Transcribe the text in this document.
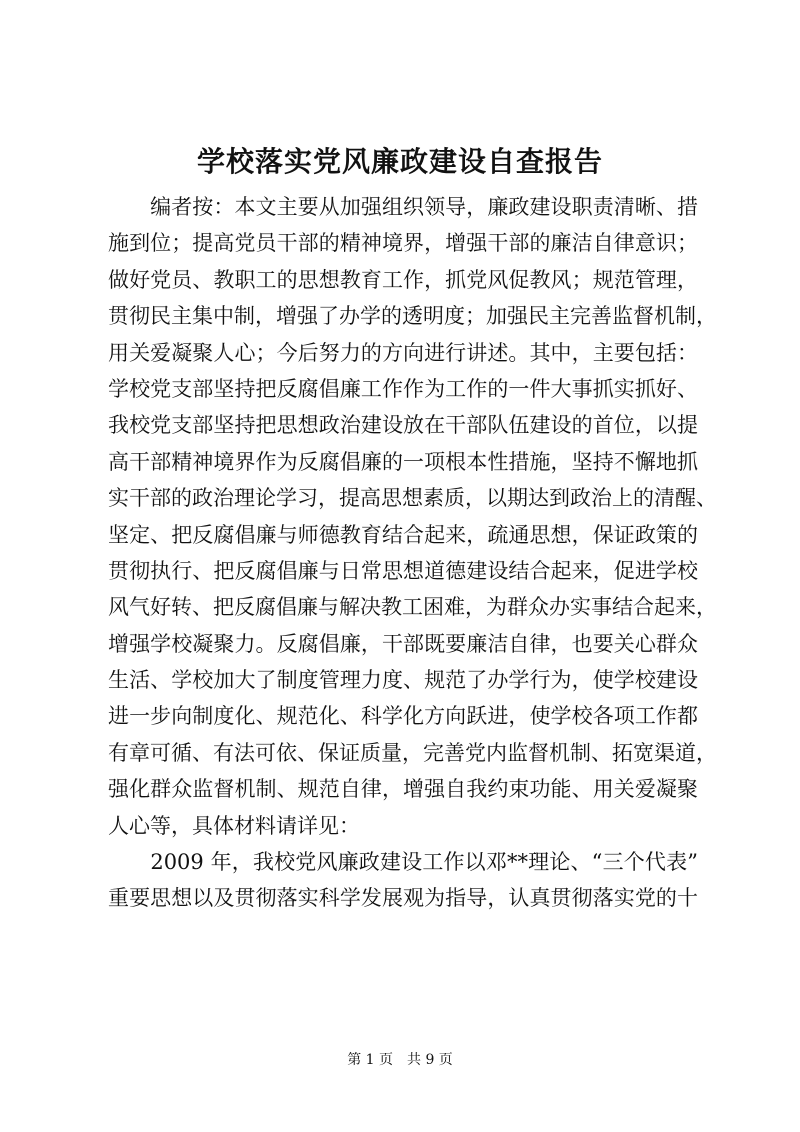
学校落实党风廉政建设自查报告
　　编者按：本文主要从加强组织领导，廉政建设职责清晰、措
施到位；提高党员干部的精神境界，增强干部的廉洁自律意识；
做好党员、教职工的思想教育工作，抓党风促教风；规范管理，
贯彻民主集中制，增强了办学的透明度；加强民主完善监督机制，
用关爱凝聚人心；今后努力的方向进行讲述。其中，主要包括：
学校党支部坚持把反腐倡廉工作作为工作的一件大事抓实抓好、
我校党支部坚持把思想政治建设放在干部队伍建设的首位，以提
高干部精神境界作为反腐倡廉的一项根本性措施，坚持不懈地抓
实干部的政治理论学习，提高思想素质，以期达到政治上的清醒、
坚定、把反腐倡廉与师德教育结合起来，疏通思想，保证政策的
贯彻执行、把反腐倡廉与日常思想道德建设结合起来，促进学校
风气好转、把反腐倡廉与解决教工困难，为群众办实事结合起来，
增强学校凝聚力。反腐倡廉，干部既要廉洁自律，也要关心群众
生活、学校加大了制度管理力度、规范了办学行为，使学校建设
进一步向制度化、规范化、科学化方向跃进，使学校各项工作都
有章可循、有法可依、保证质量，完善党内监督机制、拓宽渠道，
强化群众监督机制、规范自律，增强自我约束功能、用关爱凝聚
人心等，具体材料请详见：
　　2009 年，我校党风廉政建设工作以邓**理论、“三个代表”
重要思想以及贯彻落实科学发展观为指导，认真贯彻落实党的十
第 1 页　共 9 页
